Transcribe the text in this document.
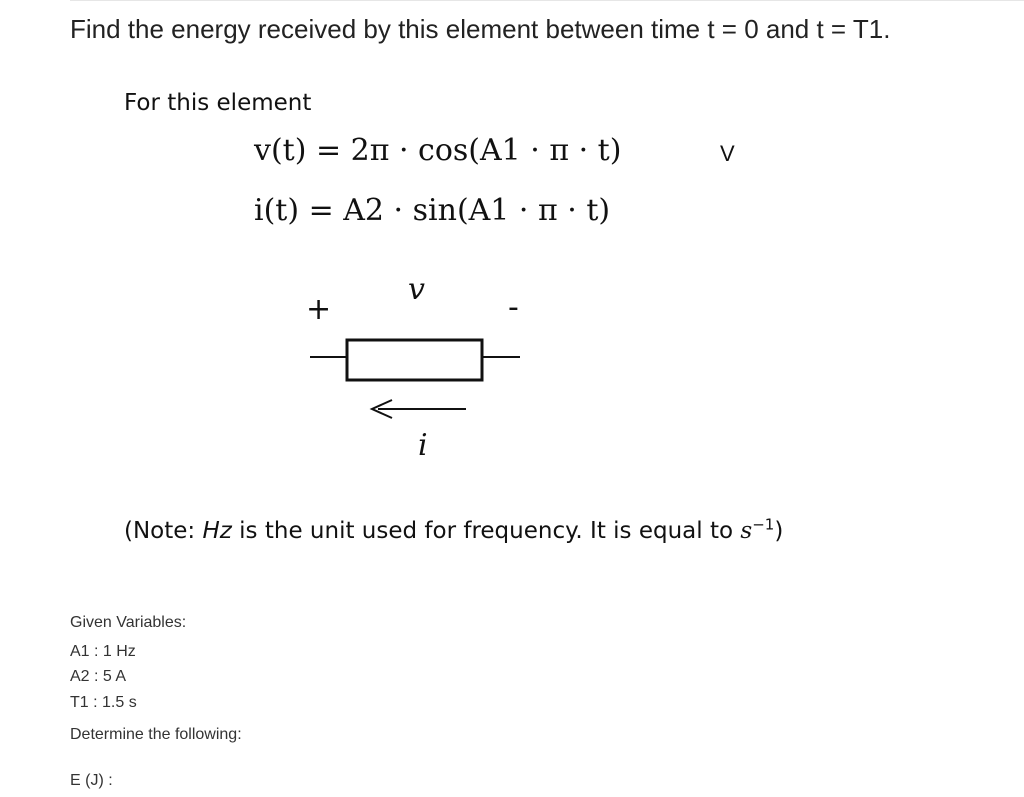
Find the energy received by this element between time t = 0 and t = T1.
For this element
v(t) = 2π · cos(A1 · π · t)	V
i(t) = A2 · sin(A1 · π · t)
+	-
v
i
(Note: Hz is the unit used for frequency. It is equal to $s^{-1}$)
Given Variables:
A1 : 1 Hz
A2 : 5 A
T1 : 1.5 s
Determine the following:
E (J) :
